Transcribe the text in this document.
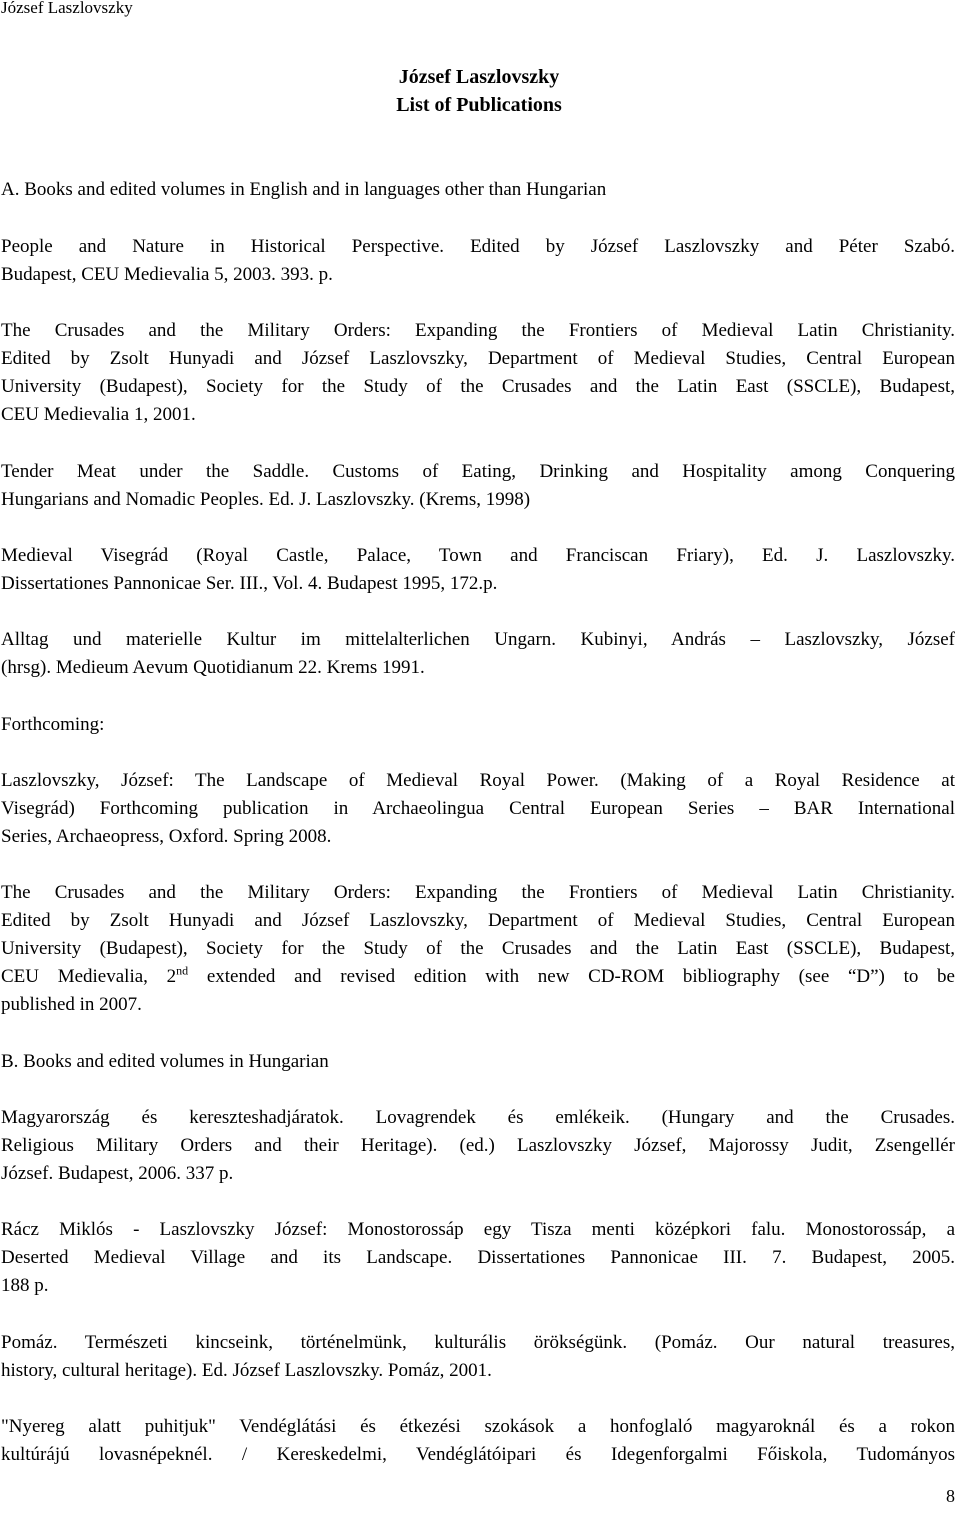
József Laszlovszky
József Laszlovszky
List of Publications
A. Books and edited volumes in English and in languages other than Hungarian
People and Nature in Historical Perspective. Edited by József Laszlovszky and Péter Szabó.
Budapest, CEU Medievalia 5, 2003. 393. p.
The Crusades and the Military Orders: Expanding the Frontiers of Medieval Latin Christianity.
Edited by Zsolt Hunyadi and József Laszlovszky, Department of Medieval Studies, Central European
University (Budapest), Society for the Study of the Crusades and the Latin East (SSCLE), Budapest,
CEU Medievalia 1, 2001.
Tender Meat under the Saddle. Customs of Eating, Drinking and Hospitality among Conquering
Hungarians and Nomadic Peoples. Ed. J. Laszlovszky. (Krems, 1998)
Medieval Visegrád (Royal Castle, Palace, Town and Franciscan Friary), Ed. J. Laszlovszky.
Dissertationes Pannonicae Ser. III., Vol. 4. Budapest 1995, 172.p.
Alltag und materielle Kultur im mittelalterlichen Ungarn. Kubinyi, András – Laszlovszky, József
(hrsg). Medieum Aevum Quotidianum 22. Krems 1991.
Forthcoming:
Laszlovszky, József: The Landscape of Medieval Royal Power. (Making of a Royal Residence at
Visegrád) Forthcoming publication in Archaeolingua Central European Series – BAR International
Series, Archaeopress, Oxford. Spring 2008.
The Crusades and the Military Orders: Expanding the Frontiers of Medieval Latin Christianity.
Edited by Zsolt Hunyadi and József Laszlovszky, Department of Medieval Studies, Central European
University (Budapest), Society for the Study of the Crusades and the Latin East (SSCLE), Budapest,
CEU Medievalia, 2nd extended and revised edition with new CD-ROM bibliography (see “D”) to be
published in 2007.
B. Books and edited volumes in Hungarian
Magyarország és kereszteshadjáratok. Lovagrendek és emlékeik. (Hungary and the Crusades.
Religious Military Orders and their Heritage). (ed.) Laszlovszky József, Majorossy Judit, Zsengellér
József. Budapest, 2006. 337 p.
Rácz Miklós - Laszlovszky József: Monostorossáp egy Tisza menti középkori falu. Monostorossáp, a
Deserted Medieval Village and its Landscape. Dissertationes Pannonicae III. 7. Budapest, 2005.
188 p.
Pomáz. Természeti kincseink, történelmünk, kulturális örökségünk. (Pomáz. Our natural treasures,
history, cultural heritage). Ed. József Laszlovszky. Pomáz, 2001.
"Nyereg alatt puhitjuk" Vendéglátási és étkezési szokások a honfoglaló magyaroknál és a rokon
kultúrájú lovasnépeknél. / Kereskedelmi, Vendéglátóipari és Idegenforgalmi Főiskola, Tudományos
8
